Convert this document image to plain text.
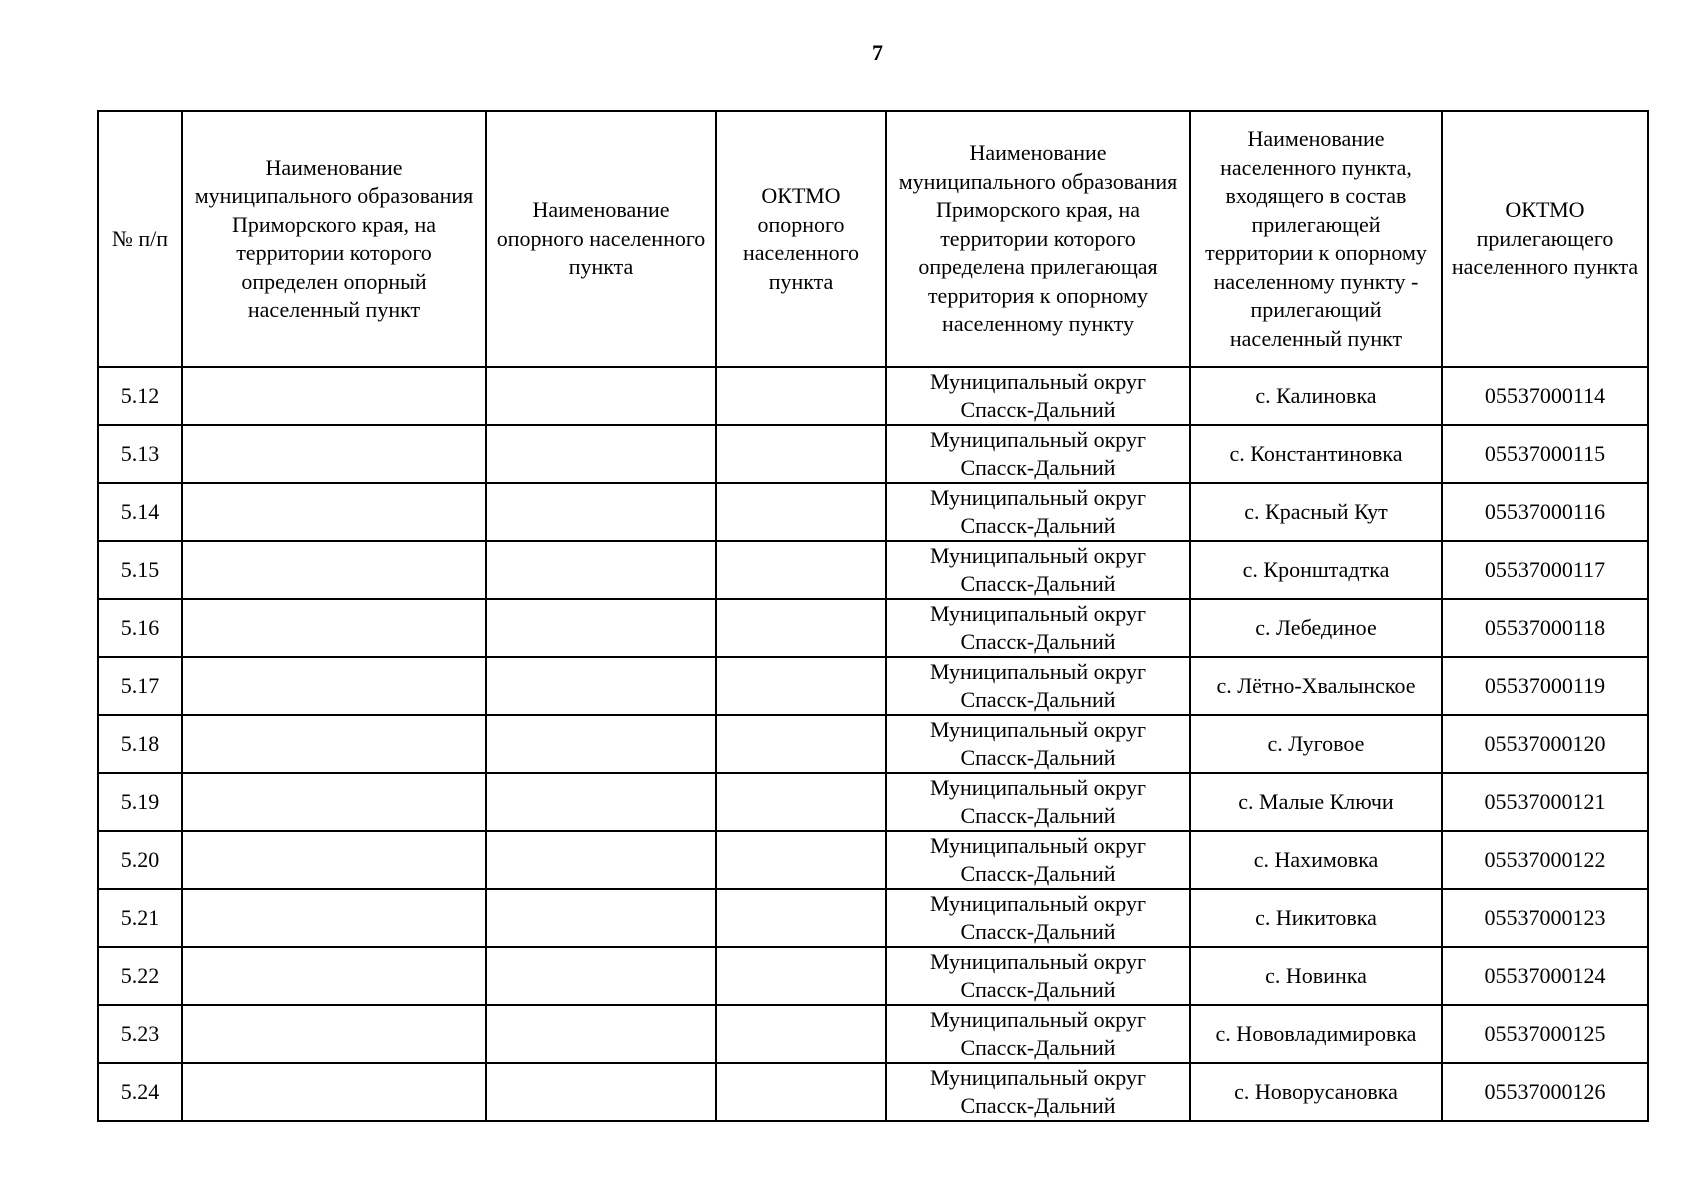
7
№ п/п	Наименование муниципального образования Приморского края, на территории которого определен опорный населенный пункт	Наименование опорного населенного пункта	ОКТМО опорного населенного пункта	Наименование муниципального образования Приморского края, на территории которого определена прилегающая территория к опорному населенному пункту	Наименование населенного пункта, входящего в состав прилегающей территории к опорному населенному пункту - прилегающий населенный пункт	ОКТМО прилегающего населенного пункта
5.12				Муниципальный округ Спасск-Дальний	с. Калиновка	05537000114
5.13				Муниципальный округ Спасск-Дальний	с. Константиновка	05537000115
5.14				Муниципальный округ Спасск-Дальний	с. Красный Кут	05537000116
5.15				Муниципальный округ Спасск-Дальний	с. Кронштадтка	05537000117
5.16				Муниципальный округ Спасск-Дальний	с. Лебединое	05537000118
5.17				Муниципальный округ Спасск-Дальний	с. Лётно-Хвалынское	05537000119
5.18				Муниципальный округ Спасск-Дальний	с. Луговое	05537000120
5.19				Муниципальный округ Спасск-Дальний	с. Малые Ключи	05537000121
5.20				Муниципальный округ Спасск-Дальний	с. Нахимовка	05537000122
5.21				Муниципальный округ Спасск-Дальний	с. Никитовка	05537000123
5.22				Муниципальный округ Спасск-Дальний	с. Новинка	05537000124
5.23				Муниципальный округ Спасск-Дальний	с. Нововладимировка	05537000125
5.24				Муниципальный округ Спасск-Дальний	с. Новорусановка	05537000126
